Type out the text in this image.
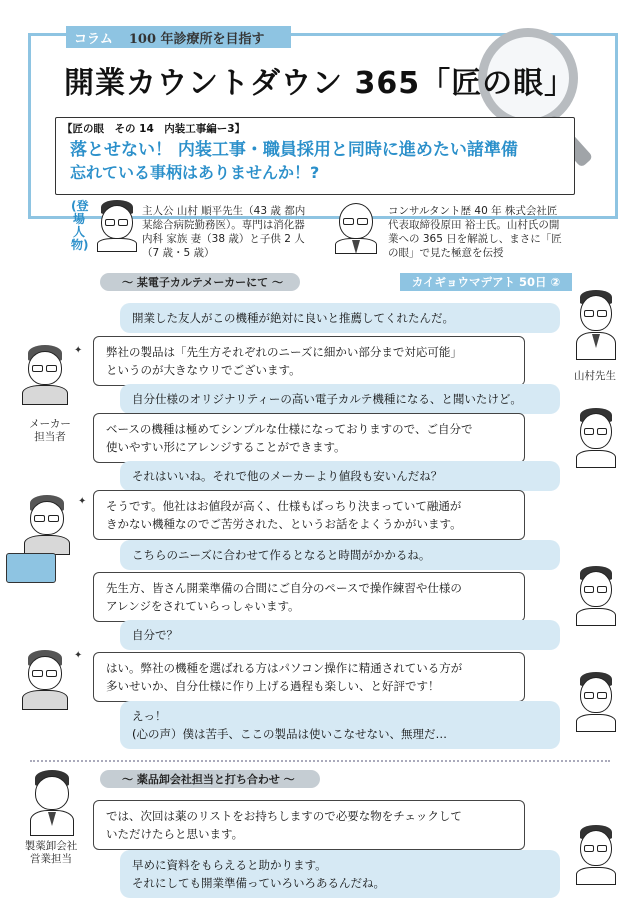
コラム 100 年診療所を目指す
開業カウントダウン 365「匠の眼」
【匠の眼　その 14　内装工事編ー3】
落とせない！ 内装工事・職員採用と同時に進めたい諸準備
忘れている事柄はありませんか！?
(登場人物)
主人公 山村 順平先生（43 歳 都内
某総合病院勤務医）。専門は消化器
内科 家族 妻（38 歳）と子供 2 人
（7 歳・5 歳）
コンサルタント歴 40 年 株式会社匠
代表取締役原田 裕士氏。山村氏の開
業への 365 日を解説し、まさに「匠
の眼」で見た極意を伝授
～ 某電子カルテメーカーにて ～	カイギョウマデアト 50日 ②
開業した友人がこの機種が絶対に良いと推薦してくれたんだ。
弊社の製品は「先生方それぞれのニーズに細かい部分まで対応可能」
というのが大きなウリでございます。
自分仕様のオリジナリティーの高い電子カルテ機種になる、と聞いたけど。
ベースの機種は極めてシンプルな仕様になっておりますので、ご自分で
使いやすい形にアレンジすることができます。
それはいいね。それで他のメーカーより値段も安いんだね？
そうです。他社はお値段が高く、仕様もばっちり決まっていて融通が
きかない機種なのでご苦労された、というお話をよくうかがいます。
こちらのニーズに合わせて作るとなると時間がかかるね。
先生方、皆さん開業準備の合間にご自分のペースで操作練習や仕様の
アレンジをされていらっしゃいます。
自分で？
はい。弊社の機種を選ばれる方はパソコン操作に精通されている方が
多いせいか、自分仕様に作り上げる過程も楽しい、と好評です！
えっ！
(心の声）僕は苦手、ここの製品は使いこなせない、無理だ…
山村先生
✦
メーカー
担当者
✦
✦
～ 薬品卸会社担当と打ち合わせ ～
では、次回は薬のリストをお持ちしますので必要な物をチェックして
いただけたらと思います。
早めに資料をもらえると助かります。
それにしても開業準備っていろいろあるんだね。
製薬卸会社
営業担当
